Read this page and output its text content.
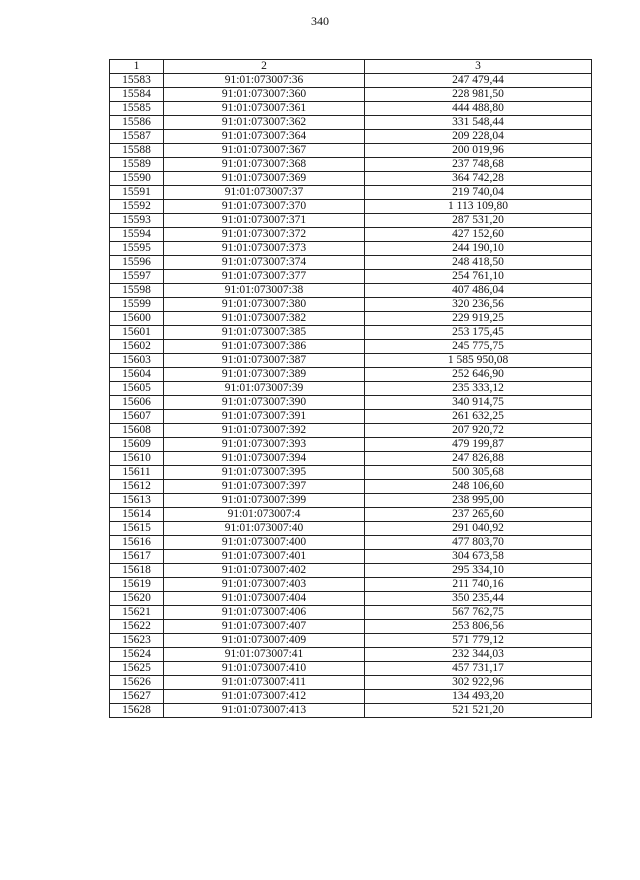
340
1	2	3
15583	91:01:073007:36	247 479,44
15584	91:01:073007:360	228 981,50
15585	91:01:073007:361	444 488,80
15586	91:01:073007:362	331 548,44
15587	91:01:073007:364	209 228,04
15588	91:01:073007:367	200 019,96
15589	91:01:073007:368	237 748,68
15590	91:01:073007:369	364 742,28
15591	91:01:073007:37	219 740,04
15592	91:01:073007:370	1 113 109,80
15593	91:01:073007:371	287 531,20
15594	91:01:073007:372	427 152,60
15595	91:01:073007:373	244 190,10
15596	91:01:073007:374	248 418,50
15597	91:01:073007:377	254 761,10
15598	91:01:073007:38	407 486,04
15599	91:01:073007:380	320 236,56
15600	91:01:073007:382	229 919,25
15601	91:01:073007:385	253 175,45
15602	91:01:073007:386	245 775,75
15603	91:01:073007:387	1 585 950,08
15604	91:01:073007:389	252 646,90
15605	91:01:073007:39	235 333,12
15606	91:01:073007:390	340 914,75
15607	91:01:073007:391	261 632,25
15608	91:01:073007:392	207 920,72
15609	91:01:073007:393	479 199,87
15610	91:01:073007:394	247 826,88
15611	91:01:073007:395	500 305,68
15612	91:01:073007:397	248 106,60
15613	91:01:073007:399	238 995,00
15614	91:01:073007:4	237 265,60
15615	91:01:073007:40	291 040,92
15616	91:01:073007:400	477 803,70
15617	91:01:073007:401	304 673,58
15618	91:01:073007:402	295 334,10
15619	91:01:073007:403	211 740,16
15620	91:01:073007:404	350 235,44
15621	91:01:073007:406	567 762,75
15622	91:01:073007:407	253 806,56
15623	91:01:073007:409	571 779,12
15624	91:01:073007:41	232 344,03
15625	91:01:073007:410	457 731,17
15626	91:01:073007:411	302 922,96
15627	91:01:073007:412	134 493,20
15628	91:01:073007:413	521 521,20
